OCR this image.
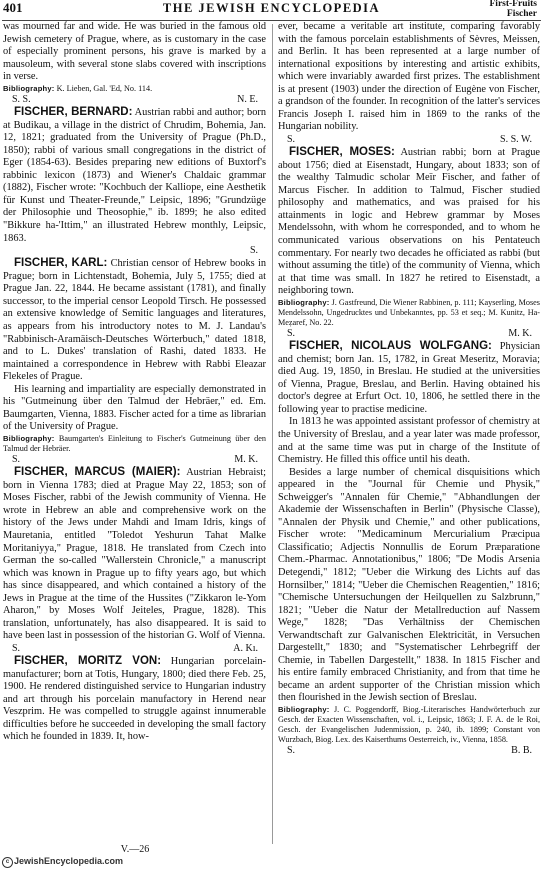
401	THE JEWISH ENCYCLOPEDIA	First-Fruits
Fischer

was mourned far and wide. He was buried in the famous old Jewish cemetery of Prague, where, as is customary in the case of especially prominent persons, his grave is marked by a mausoleum, with several stone slabs covered with inscriptions in verse.

Bibliography: K. Lieben, Gal. 'Ed, No. 114.

S. S.	N. E.

FISCHER, BERNARD: Austrian rabbi and author; born at Budikau, a village in the district of Chrudim, Bohemia, Jan. 12, 1821; graduated from the University of Prague (Ph.D., 1850); rabbi of various small congregations in the district of Eger (1854-63). Besides preparing new editions of Buxtorf's rabbinic lexicon (1873) and Wiener's Chaldaic grammar (1882), Fischer wrote: "Kochbuch der Kalliope, eine Aesthetik für Kunst und Theater-Freunde," Leipsic, 1896; "Grundzüge der Philosophie und Theosophie," ib. 1899; he also edited "Bikkure ha-'Ittim," an illustrated Hebrew monthly, Leipsic, 1863.

S.

FISCHER, KARL: Christian censor of Hebrew books in Prague; born in Lichtenstadt, Bohemia, July 5, 1755; died at Prague Jan. 22, 1844. He became assistant (1781), and finally successor, to the imperial censor Leopold Tirsch. He possessed an extensive knowledge of Semitic languages and literatures, as appears from his introductory notes to M. J. Landau's "Rabbinisch-Aramäisch-Deutsches Wörterbuch," dated 1818, and to L. Dukes' translation of Rashi, dated 1833. He maintained a correspondence in Hebrew with Rabbi Eleazar Flekeles of Prague.

His learning and impartiality are especially demonstrated in his "Gutmeinung über den Talmud der Hebräer," ed. Em. Baumgarten, Vienna, 1883. Fischer acted for a time as librarian of the University of Prague.

Bibliography: Baumgarten's Einleitung to Fischer's Gutmeinung über den Talmud der Hebräer.

S.	M. K.

FISCHER, MARCUS (MAIER): Austrian Hebraist; born in Vienna 1783; died at Prague May 22, 1853; son of Moses Fischer, rabbi of the Jewish community of Vienna. He wrote in Hebrew an able and comprehensive work on the history of the Jews under Mahdi and Imam Idris, kings of Mauretania, entitled "Toledot Yeshurun Tahat Malke Moritaniyya," Prague, 1818. He translated from Czech into German the so-called "Wallerstein Chronicle," a manuscript which was known in Prague up to fifty years ago, but which has since disappeared, and which contained a history of the Jews in Prague at the time of the Hussites ("Zikkaron le-Yom Aharon," by Moses Wolf Jeiteles, Prague, 1828). This translation, unfortunately, has also disappeared. It is said to have been last in possession of the historian G. Wolf of Vienna.

S.	A. Kı.

FISCHER, MORITZ VON: Hungarian porcelain-manufacturer; born at Totis, Hungary, 1800; died there Feb. 25, 1900. He rendered distinguished service to Hungarian industry and art through his porcelain manufactory in Herend near Veszprim. He was compelled to struggle against innumerable difficulties before he succeeded in developing the small factory which he founded in 1839. It, how-

ever, became a veritable art institute, comparing favorably with the famous porcelain establishments of Sèvres, Meissen, and Berlin. It has been represented at a large number of international expositions by interesting and artistic exhibits, which were invariably awarded first prizes. The establishment is at present (1903) under the direction of Eugène von Fischer, a grandson of the founder. In recognition of the latter's services Francis Joseph I. raised him in 1869 to the ranks of the Hungarian nobility.

S.	S. S. W.

FISCHER, MOSES: Austrian rabbi; born at Prague about 1756; died at Eisenstadt, Hungary, about 1833; son of the wealthy Talmudic scholar Meïr Fischer, and father of Marcus Fischer. In addition to Talmud, Fischer studied philosophy and mathematics, and was praised for his attainments in logic and Hebrew grammar by Moses Mendelssohn, with whom he corresponded, and to whom he communicated various observations on his Pentateuch commentary. For nearly two decades he officiated as rabbi (but without assuming the title) of the community of Vienna, which at that time was small. In 1827 he retired to Eisenstadt, a neighboring town.

Bibliography: J. Gastfreund, Die Wiener Rabbinen, p. 111; Kayserling, Moses Mendelssohn, Ungedrucktes und Unbekanntes, pp. 53 et seq.; M. Kunitz, Ha-Meẓaref, No. 22.

S.	M. K.

FISCHER, NICOLAUS WOLFGANG: Physician and chemist; born Jan. 15, 1782, in Great Meseritz, Moravia; died Aug. 19, 1850, in Breslau. He studied at the universities of Vienna, Prague, Breslau, and Berlin. Having obtained his doctor's degree at Erfurt Oct. 10, 1806, he settled there in the following year to practise medicine.

In 1813 he was appointed assistant professor of chemistry at the University of Breslau, and a year later was made professor, and at the same time was put in charge of the Institute of Chemistry. He filled this office until his death.

Besides a large number of chemical disquisitions which appeared in the "Journal für Chemie und Physik," Schweigger's "Annalen für Chemie," "Abhandlungen der Akademie der Wissenschaften in Berlin" (Physische Classe), "Annalen der Physik und Chemie," and other publications, Fischer wrote: "Medicaminum Mercurialium Præcipua Classificatio; Adjectis Nonnullis de Eorum Præparatione Chem.-Pharmac. Annotationibus," 1806; "De Modis Arsenia Detegendi," 1812; "Ueber die Wirkung des Lichts auf das Hornsilber," 1814; "Ueber die Chemischen Reagentien," 1816; "Chemische Untersuchungen der Heilquellen zu Salzbrunn," 1821; "Ueber die Natur der Metallreduction auf Nassem Wege," 1828; "Das Verhältniss der Chemischen Verwandtschaft zur Galvanischen Elektricität, in Versuchen Dargestellt," 1830; and "Systematischer Lehrbegriff der Chemie, in Tabellen Dargestellt," 1838. In 1815 Fischer and his entire family embraced Christianity, and from that time he became an ardent supporter of the Christian mission which then flourished in the Jewish section of Breslau.

Bibliography: J. C. Poggendorff, Biog.-Literarisches Handwörterbuch zur Gesch. der Exacten Wissenschaften, vol. i., Leipsic, 1863; J. F. A. de le Roi, Gesch. der Evangelischen Judenmission, p. 240, ib. 1899; Constant von Wurzbach, Biog. Lex. des Kaiserthums Oesterreich, iv., Vienna, 1858.

S.	B. B.
V.—26
c JewishEncyclopedia.com
